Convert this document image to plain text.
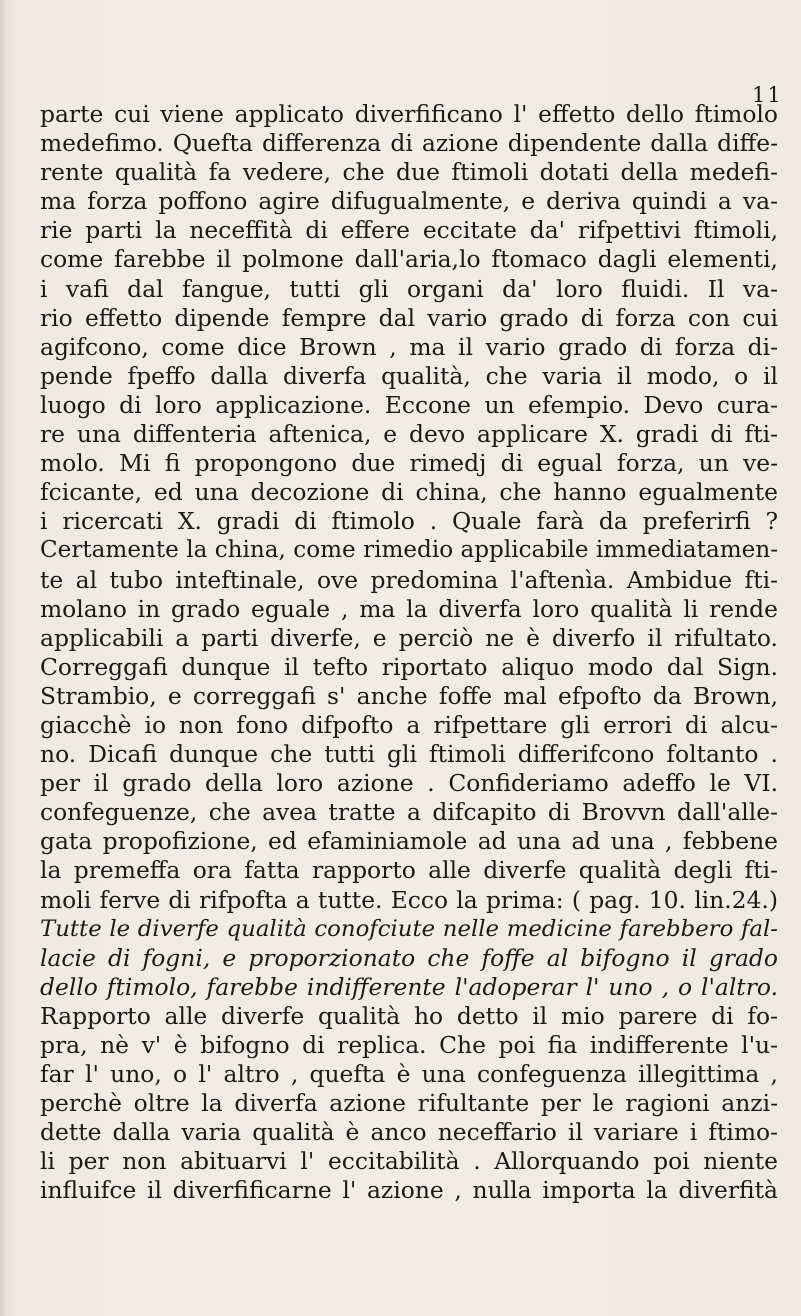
11
parte cui viene applicato diverfificano l' effetto dello ftimolo
medefimo. Quefta differenza di azione dipendente dalla diffe-
rente qualità fa vedere, che due ftimoli dotati della medefi-
ma forza poffono agire difugualmente, e deriva quindi a va-
rie parti la neceffità di effere eccitate da' rifpettivi ftimoli,
come farebbe il polmone dall'aria,lo ftomaco dagli elementi,
i vafi dal fangue, tutti gli organi da' loro fluidi. Il va-
rio effetto dipende fempre dal vario grado di forza con cui
agifcono, come dice Brown , ma il vario grado di forza di-
pende fpeffo dalla diverfa qualità, che varia il modo, o il
luogo di loro applicazione. Eccone un efempio. Devo cura-
re una diffenteria aftenica, e devo applicare X. gradi di fti-
molo. Mi fi propongono due rimedj di egual forza, un ve-
fcicante, ed una decozione di china, che hanno egualmente
i ricercati X. gradi di ftimolo . Quale farà da preferirfi ?
Certamente la china, come rimedio applicabile immediatamen-
te al tubo inteftinale, ove predomina l'aftenìa. Ambidue fti-
molano in grado eguale , ma la diverfa loro qualità li rende
applicabili a parti diverfe, e perciò ne è diverfo il rifultato.
Correggafi dunque il tefto riportato aliquo modo dal Sign.
Strambio, e correggafi s' anche foffe mal efpofto da Brown,
giacchè io non fono difpofto a rifpettare gli errori di alcu-
no. Dicafi dunque che tutti gli ftimoli differifcono foltanto .
per il grado della loro azione . Confideriamo adeffo le VI.
confeguenze, che avea tratte a difcapito di Brovvn dall'alle-
gata propofizione, ed efaminiamole ad una ad una , febbene
la premeffa ora fatta rapporto alle diverfe qualità degli fti-
moli ferve di rifpofta a tutte. Ecco la prima: ( pag. 10. lin.24.)
Tutte le diverfe qualità conofciute nelle medicine farebbero fal-
lacie di fogni, e proporzionato che foffe al bifogno il grado
dello ftimolo, farebbe indifferente l'adoperar l' uno , o l'altro.
Rapporto alle diverfe qualità ho detto il mio parere di fo-
pra, nè v' è bifogno di replica. Che poi fia indifferente l'u-
far l' uno, o l' altro , quefta è una confeguenza illegittima ,
perchè oltre la diverfa azione rifultante per le ragioni anzi-
dette dalla varia qualità è anco neceffario il variare i ftimo-
li per non abituarvi l' eccitabilità . Allorquando poi niente
influifce il diverfificarne l' azione , nulla importa la diverfità
